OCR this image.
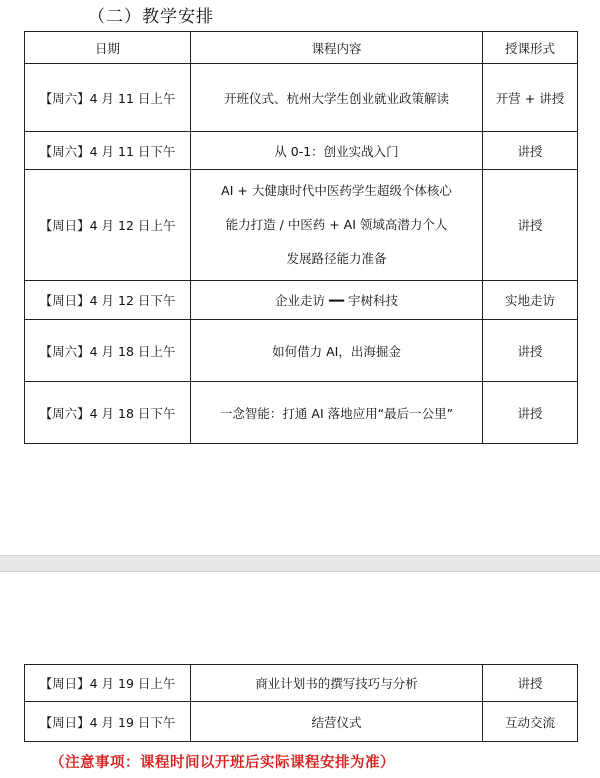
（二）教学安排
日期	课程内容	授课形式
【周六】4 月 11 日上午	开班仪式、杭州大学生创业就业政策解读	开营 + 讲授
【周六】4 月 11 日下午	从 0-1：创业实战入门	讲授
【周日】4 月 12 日上午	AI + 大健康时代中医药学生超级个体核心
能力打造 / 中医药 + AI 领域高潜力个人
发展路径能力准备	讲授
【周日】4 月 12 日下午	企业走访 ━━ 宇树科技	实地走访
【周六】4 月 18 日上午	如何借力 AI，出海掘金	讲授
【周六】4 月 18 日下午	一念智能：打通 AI 落地应用“最后一公里”	讲授
【周日】4 月 19 日上午	商业计划书的撰写技巧与分析	讲授
【周日】4 月 19 日下午	结营仪式	互动交流
（注意事项：课程时间以开班后实际课程安排为准）
